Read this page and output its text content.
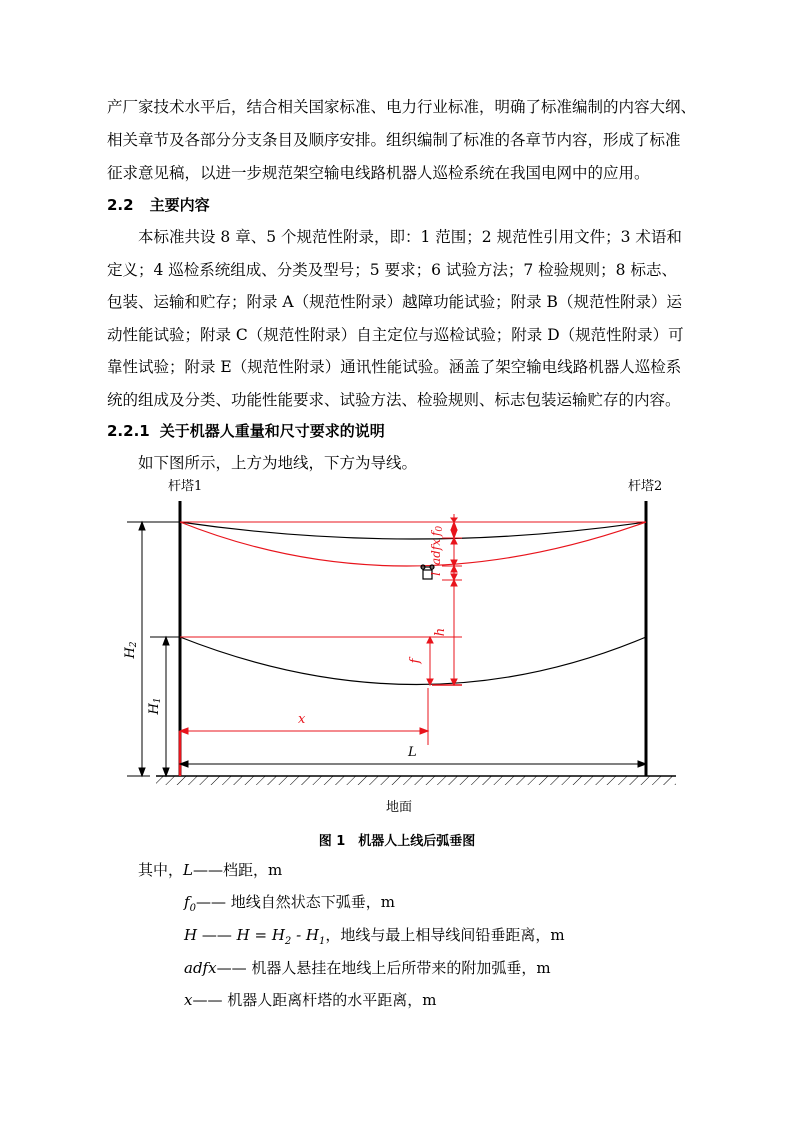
产厂家技术水平后，结合相关国家标准、电力行业标准，明确了标准编制的内容大纲、
相关章节及各部分分支条目及顺序安排。组织编制了标准的各章节内容，形成了标准
征求意见稿，以进一步规范架空输电线路机器人巡检系统在我国电网中的应用。
2.2 主要内容
本标准共设 8 章、5 个规范性附录，即：1 范围；2 规范性引用文件；3 术语和
定义；4 巡检系统组成、分类及型号；5 要求；6 试验方法；7 检验规则；8 标志、
包装、运输和贮存；附录 A（规范性附录）越障功能试验；附录 B（规范性附录）运
动性能试验；附录 C（规范性附录）自主定位与巡检试验；附录 D（规范性附录）可
靠性试验；附录 E（规范性附录）通讯性能试验。涵盖了架空输电线路机器人巡检系
统的组成及分类、功能性能要求、试验方法、检验规则、标志包装运输贮存的内容。
2.2.1 关于机器人重量和尺寸要求的说明
如下图所示，上方为地线，下方为导线。
杆塔1	杆塔2
地面
f0
adfx
l
h
f
x
L
H2
H1
图 1　机器人上线后弧垂图
其中，L——档距，m
$f_0——$ 地线自然状态下弧垂，m
H —— $H = H_2 - H_1$，地线与最上相导线间铅垂距离，m
adfx—— 机器人悬挂在地线上后所带来的附加弧垂，m
x—— 机器人距离杆塔的水平距离，m
